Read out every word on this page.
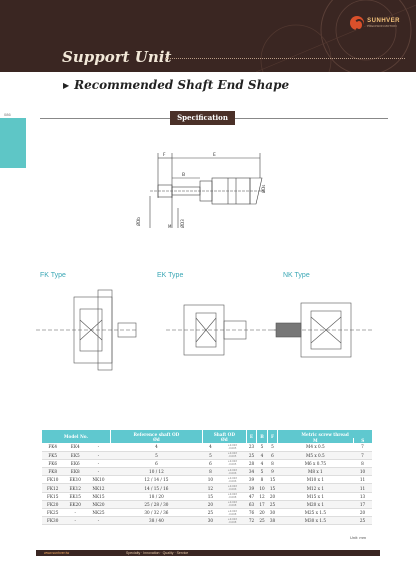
Support Unit
SUNHVER
PRECISION MOTION
086
▶ Recommended Shaft End Shape
Specification
F	E
B
M
ØDs
ØDb	ØD3
FK Type	EK Type	NK Type
Model No.			Reference shaft OD
Ød	Shaft OD
Ød		E	B	F	Metric screw thread	
									M	S
FK4	EK4	-	4	4	+0.003
-0.005	23	5	5	M4 x 0.5	7
FK5	EK5	-	5	5	+0.003
-0.005	25	4	6	M5 x 0.5	7
FK6	EK6	-	6	6	+0.003
-0.005	28	4	8	M6 x 0.75	8
FK8	EK8	-	10 / 12	8	+0.003
-0.006	34	5	9	M8 x 1	10
FK10	EK10	NK10	12 / 14 / 15	10	+0.003
-0.006	39	8	15	M10 x 1	11
FK12	EK12	NK12	14 / 15 / 16	12	+0.003
-0.006	39	10	15	M12 x 1	11
FK15	EK15	NK15	18 / 20	15	+0.003
-0.008	47	12	20	M15 x 1	13
FK20	EK20	NK20	25 / 28 / 30	20	+0.003
-0.008	63	17	25	M20 x 1	17
FK25	-	NK25	30 / 32 / 36	25	+0.003
-0.008	76	20	30	M25 x 1.5	20
FK30	-	-	38 / 40	30	+0.003
-0.008	72	25	38	M30 x 1.5	25
Unit: mm
www.sunhver.tw	Specialty · Innovation · Quality · Service
